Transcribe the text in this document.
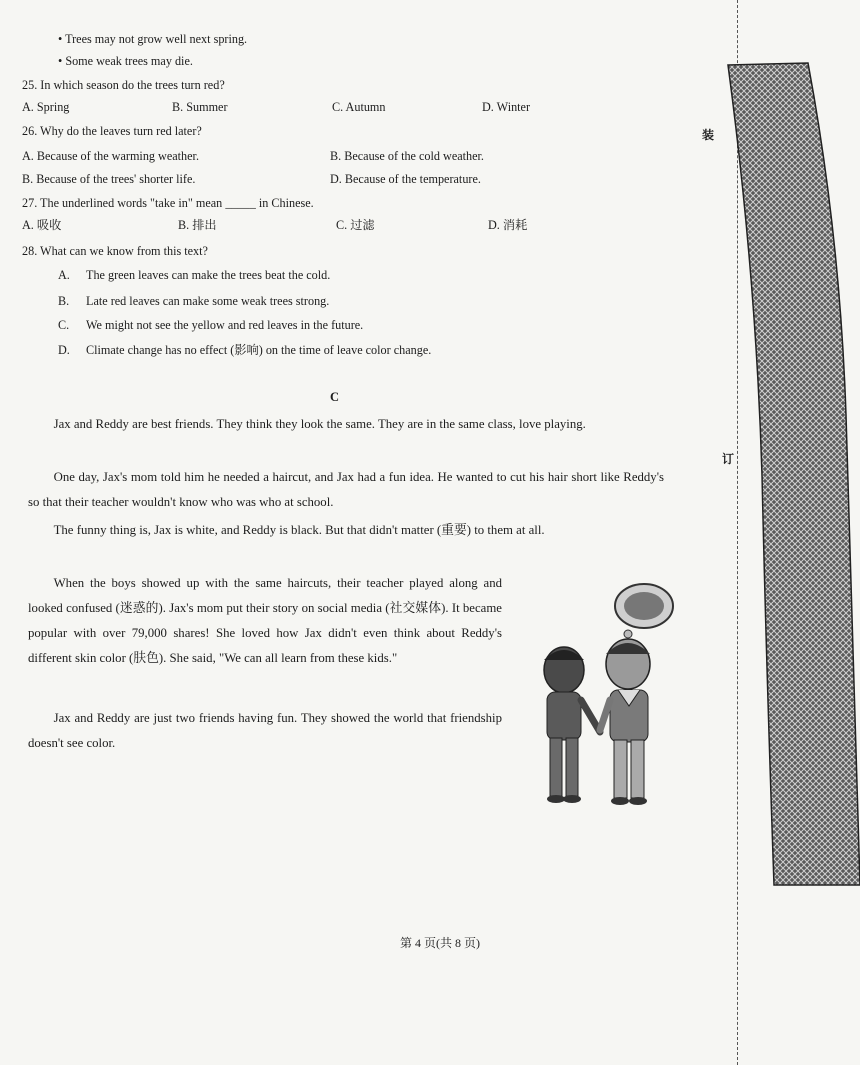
• Trees may not grow well next spring.
• Some weak trees may die.
25. In which season do the trees turn red?
A. Spring	B. Summer	C. Autumn	D. Winter
26. Why do the leaves turn red later?
A. Because of the warming weather.	B. Because of the cold weather.
B. Because of the trees' shorter life.	D. Because of the temperature.
27. The underlined words "take in" mean _____ in Chinese.
A. 吸收	B. 排出	C. 过滤	D. 消耗
28. What can we know from this text?
A. The green leaves can make the trees beat the cold.
B. Late red leaves can make some weak trees strong.
C. We might not see the yellow and red leaves in the future.
D. Climate change has no effect (影响) on the time of leave color change.
C
Jax and Reddy are best friends. They think they look the same. They are in the same class, love playing.
One day, Jax's mom told him he needed a haircut, and Jax had a fun idea. He wanted to cut his hair short like Reddy's so that their teacher wouldn't know who was who at school.
The funny thing is, Jax is white, and Reddy is black. But that didn't matter (重要) to them at all.
When the boys showed up with the same haircuts, their teacher played along and looked confused (迷惑的). Jax's mom put their story on social media (社交媒体). It became popular with over 79,000 shares! She loved how Jax didn't even think about Reddy's different skin color (肤色). She said, "We can all learn from these kids."
Jax and Reddy are just two friends having fun. They showed the world that friendship doesn't see color.
第 4 页(共 8 页)
装
订
